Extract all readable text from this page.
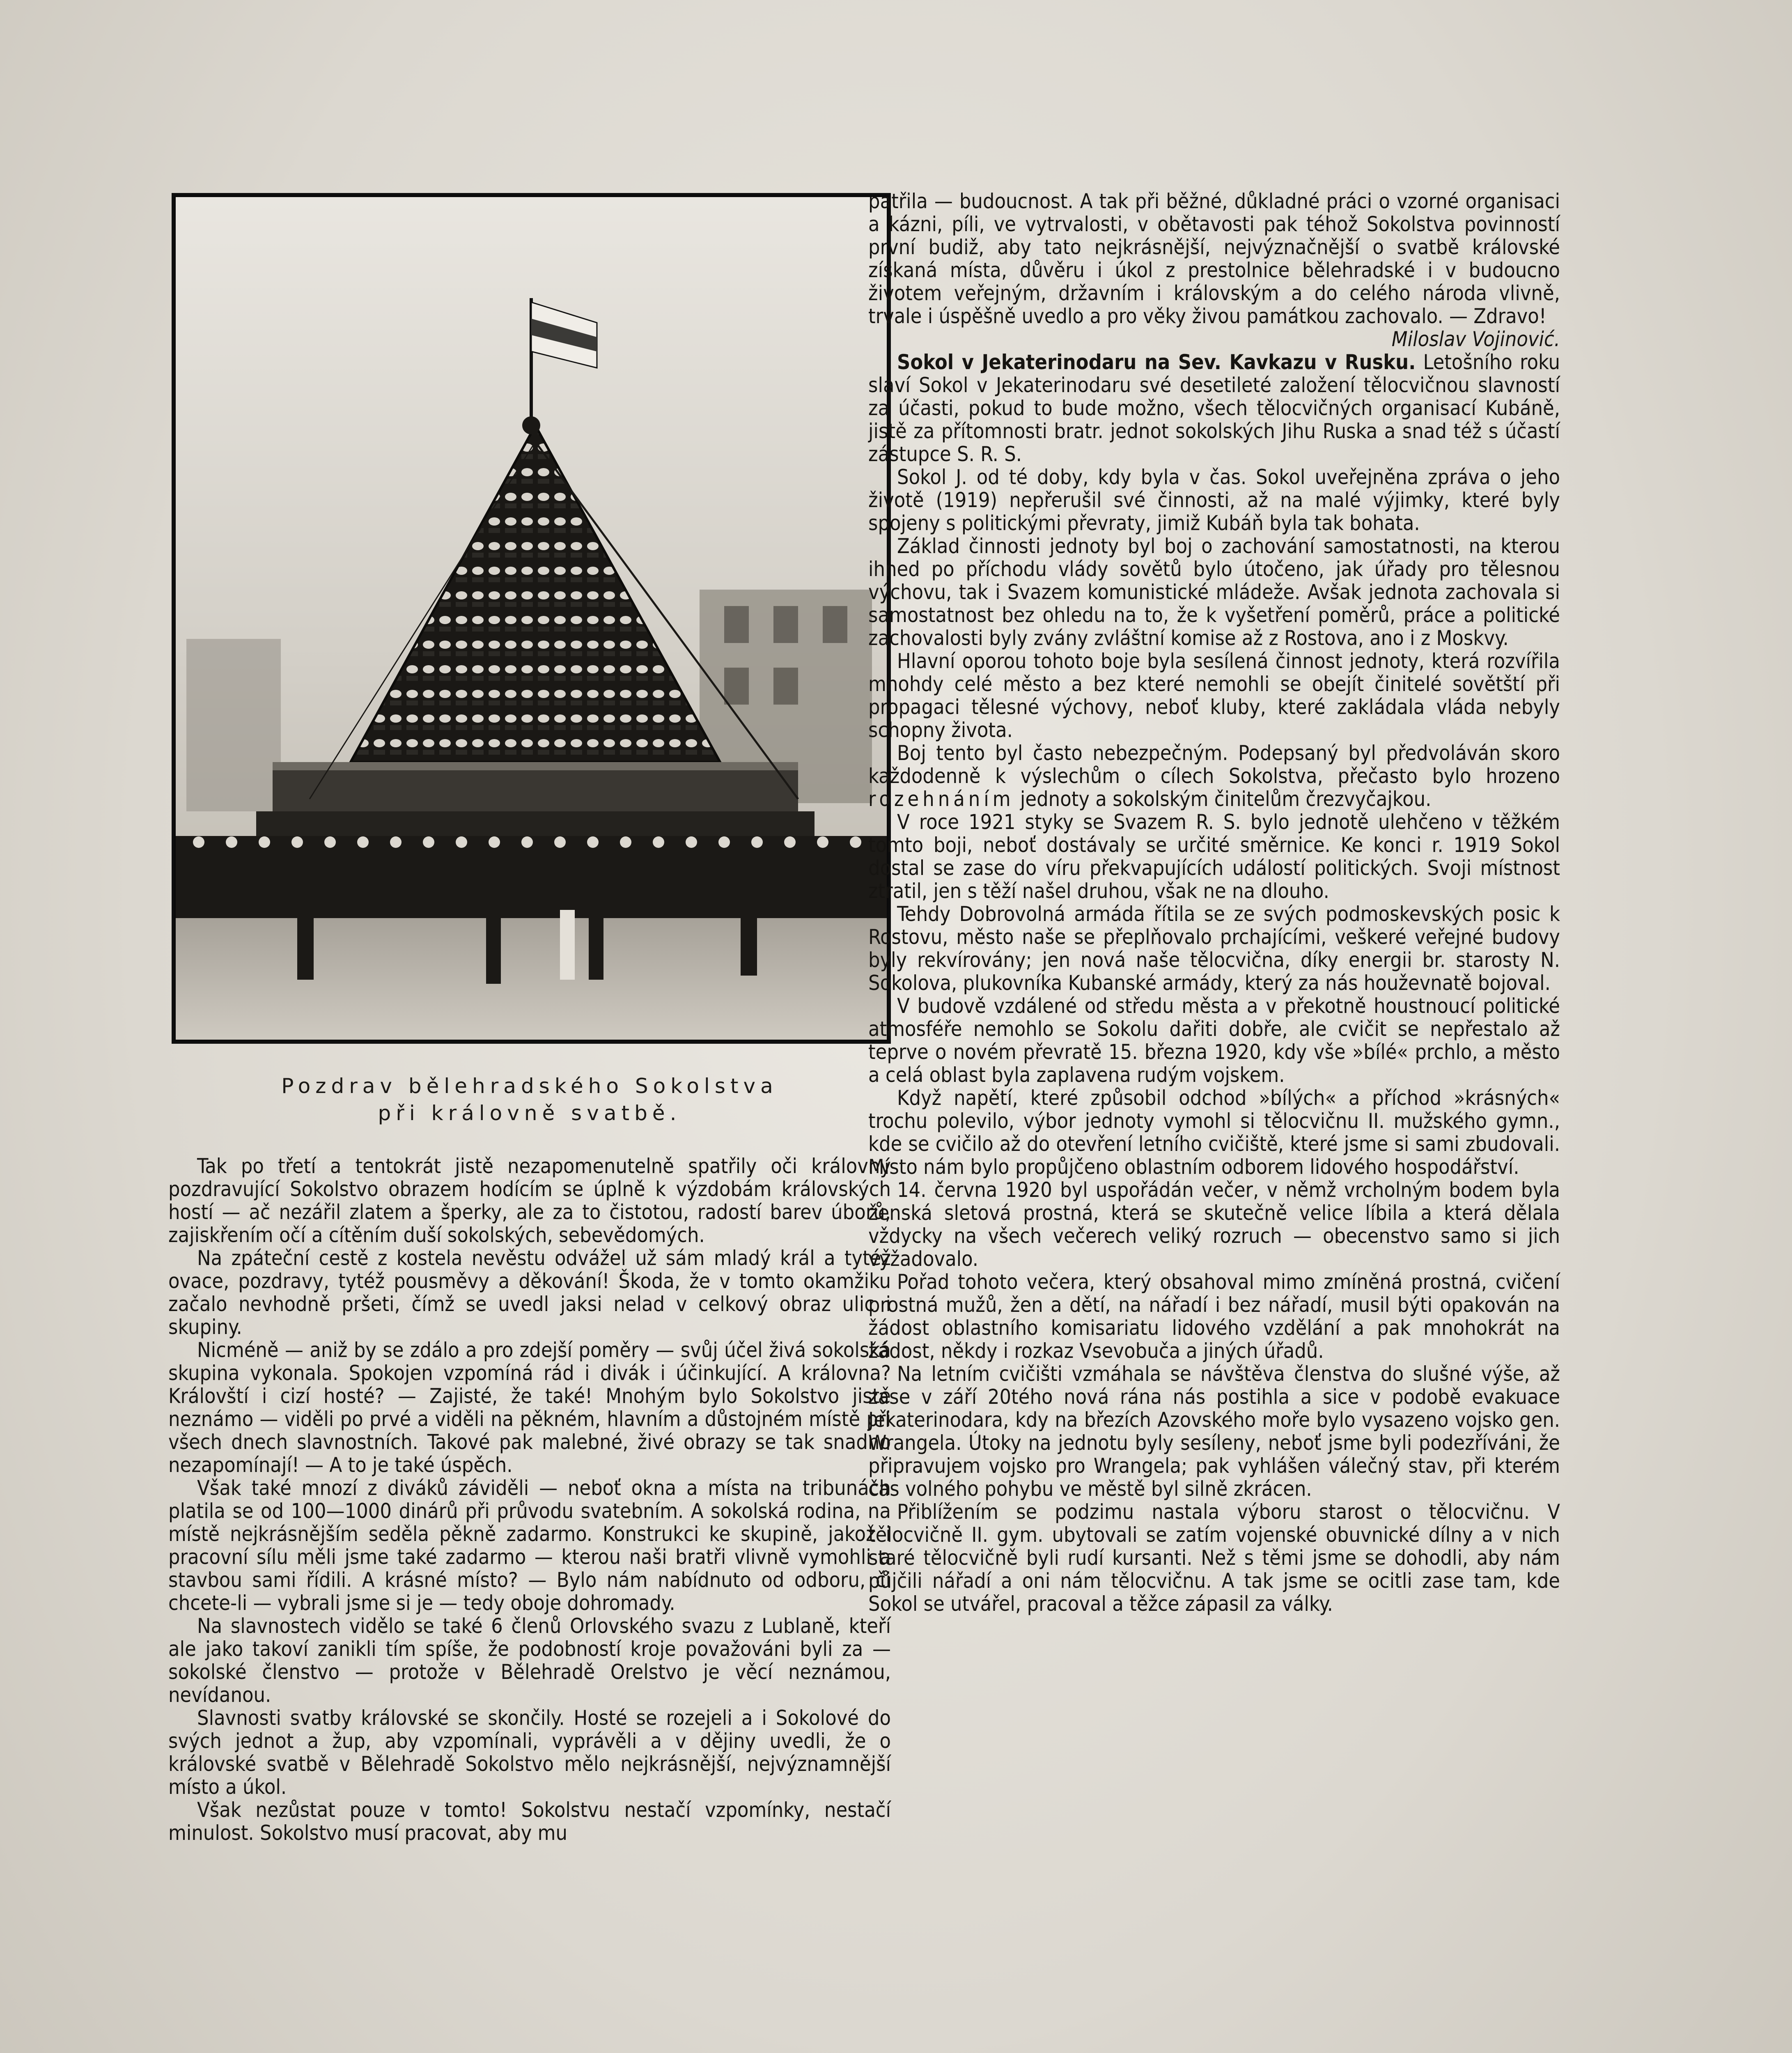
Pozdrav bělehradského Sokolstva
při královně svatbě.

Tak po třetí a tentokrát jistě nezapomenutelně spatřily oči královny pozdravující Sokolstvo obrazem hodícím se úplně k výzdobám královských hostí — ač nezářil zlatem a šperky, ale za to čistotou, radostí barev úborů, zajiskřením očí a cítěním duší sokolských, sebevědomých.

Na zpáteční cestě z kostela nevěstu odvážel už sám mladý král a tytéž ovace, pozdravy, tytéž pousměvy a děkování! Škoda, že v tomto okamžiku začalo nevhodně pršeti, čímž se uvedl jaksi nelad v celkový obraz ulic i skupiny.

Nicméně — aniž by se zdálo a pro zdejší poměry — svůj účel živá sokolská skupina vykonala. Spokojen vzpomíná rád i divák i účinkující. A královna? Královští i cizí hosté? — Zajisté, že také! Mnohým bylo Sokolstvo jistě neznámo — viděli po prvé a viděli na pěkném, hlavním a důstojném místě při všech dnech slavnostních. Takové pak malebné, živé obrazy se tak snadno nezapomínají! — A to je také úspěch.

Však také mnozí z diváků záviděli — neboť okna a místa na tribunách platila se od 100—1000 dinárů při průvodu svatebním. A sokolská rodina, na místě nejkrásnějším seděla pěkně zadarmo. Konstrukci ke skupině, jakož i pracovní sílu měli jsme také zadarmo — kterou naši bratři vlivně vymohli a stavbou sami řídili. A krásné místo? — Bylo nám nabídnuto od odboru, či chcete-li — vybrali jsme si je — tedy oboje dohromady.

Na slavnostech vidělo se také 6 členů Orlovského svazu z Lublaně, kteří ale jako takoví zanikli tím spíše, že podobností kroje považováni byli za — sokolské členstvo — protože v Bělehradě Orelstvo je věcí neznámou, nevídanou.

Slavnosti svatby královské se skončily. Hosté se rozejeli a i Sokolové do svých jednot a žup, aby vzpomínali, vyprávěli a v dějiny uvedli, že o královské svatbě v Bělehradě Sokolstvo mělo nejkrásnější, nejvýznamnější místo a úkol.

Však nezůstat pouze v tomto! Sokolstvu nestačí vzpomínky, nestačí minulost. Sokolstvo musí pracovat, aby mu

patřila — budoucnost. A tak při běžné, důkladné práci o vzorné organisaci a kázni, píli, ve vytrvalosti, v obětavosti pak téhož Sokolstva povinností první budiž, aby tato nejkrásnější, nejvýznačnější o svatbě královské získaná místa, důvěru i úkol z prestolnice bělehradské i v budoucno životem veřejným, državním i královským a do celého národa vlivně, trvale i úspěšně uvedlo a pro věky živou památkou zachovalo. — Zdravo!
Miloslav Vojinović.

Sokol v Jekaterinodaru na Sev. Kavkazu v Rusku. Letošního roku slaví Sokol v Jekaterinodaru své desetileté založení tělocvičnou slavností za účasti, pokud to bude možno, všech tělocvičných organisací Kubáně, jistě za přítomnosti bratr. jednot sokolských Jihu Ruska a snad též s účastí zástupce S. R. S.

Sokol J. od té doby, kdy byla v čas. Sokol uveřejněna zpráva o jeho životě (1919) nepřerušil své činnosti, až na malé výjimky, které byly spojeny s politickými převraty, jimiž Kubáň byla tak bohata.

Základ činnosti jednoty byl boj o zachování samostatnosti, na kterou ihned po příchodu vlády sovětů bylo útočeno, jak úřady pro tělesnou výchovu, tak i Svazem komunistické mládeže. Avšak jednota zachovala si samostatnost bez ohledu na to, že k vyšetření poměrů, práce a politické zachovalosti byly zvány zvláštní komise až z Rostova, ano i z Moskvy.

Hlavní oporou tohoto boje byla sesílená činnost jednoty, která rozvířila mnohdy celé město a bez které nemohli se obejít činitelé sovětští při propagaci tělesné výchovy, neboť kluby, které zakládala vláda nebyly schopny života.

Boj tento byl často nebezpečným. Podepsaný byl předvoláván skoro každodenně k výslechům o cílech Sokolstva, přečasto bylo hrozeno rozehnáním jednoty a sokolským činitelům črezvyčajkou.

V roce 1921 styky se Svazem R. S. bylo jednotě ulehčeno v těžkém tomto boji, neboť dostávaly se určité směrnice. Ke konci r. 1919 Sokol dostal se zase do víru překvapujících událostí politických. Svoji místnost ztratil, jen s těží našel druhou, však ne na dlouho.

Tehdy Dobrovolná armáda řítila se ze svých podmoskevských posic k Rostovu, město naše se přeplňovalo prchajícími, veškeré veřejné budovy byly rekvírovány; jen nová naše tělocvična, díky energii br. starosty N. Sokolova, plukovníka Kubanské armády, který za nás houževnatě bojoval.

V budově vzdálené od středu města a v překotně houstnoucí politické atmosféře nemohlo se Sokolu dařiti dobře, ale cvičit se nepřestalo až teprve o novém převratě 15. března 1920, kdy vše »bílé« prchlo, a město a celá oblast byla zaplavena rudým vojskem.

Když napětí, které způsobil odchod »bílých« a příchod »krásných« trochu polevilo, výbor jednoty vymohl si tělocvičnu II. mužského gymn., kde se cvičilo až do otevření letního cvičiště, které jsme si sami zbudovali. Místo nám bylo propůjčeno oblastním odborem lidového hospodářství.

14. června 1920 byl uspořádán večer, v němž vrcholným bodem byla ženská sletová prostná, která se skutečně velice líbila a která dělala vždycky na všech večerech veliký rozruch — obecenstvo samo si jich vyžadovalo.

Pořad tohoto večera, který obsahoval mimo zmíněná prostná, cvičení prostná mužů, žen a dětí, na nářadí i bez nářadí, musil býti opakován na žádost oblastního komisariatu lidového vzdělání a pak mnohokrát na žádost, někdy i rozkaz Vsevobuča a jiných úřadů.

Na letním cvičišti vzmáhala se návštěva členstva do slušné výše, až zase v září 20tého nová rána nás postihla a sice v podobě evakuace Jekaterinodara, kdy na březích Azovského moře bylo vysazeno vojsko gen. Wrangela. Útoky na jednotu byly sesíleny, neboť jsme byli podezříváni, že připravujem vojsko pro Wrangela; pak vyhlášen válečný stav, při kterém čas volného pohybu ve městě byl silně zkrácen.

Přiblížením se podzimu nastala výboru starost o tělocvičnu. V tělocvičně II. gym. ubytovali se zatím vojenské obuvnické dílny a v nich staré tělocvičně byli rudí kursanti. Než s těmi jsme se dohodli, aby nám půjčili nářadí a oni nám tělocvičnu. A tak jsme se ocitli zase tam, kde Sokol se utvářel, pracoval a těžce zápasil za války.
